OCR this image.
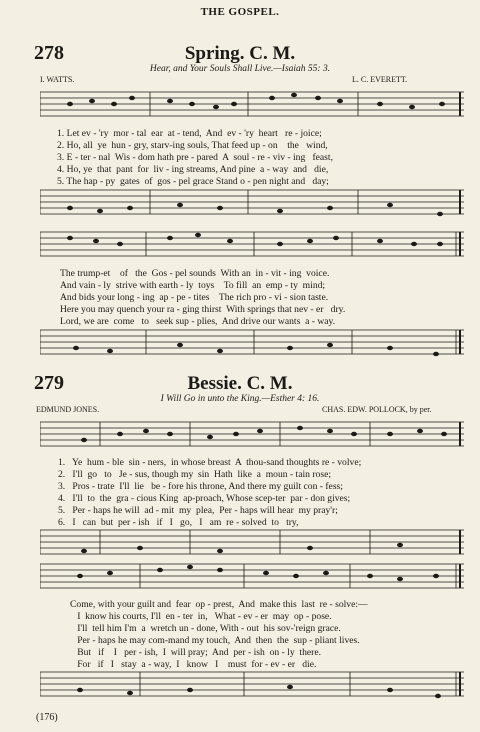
THE GOSPEL.
278	Spring. C. M.
Hear, and Your Souls Shall Live.—Isaiah 55: 3.
I. WATTS.	L. C. EVERETT.
1. Let ev - 'ry  mor - tal  ear  at - tend,  And  ev - 'ry  heart   re - joice;
2. Ho, all  ye  hun - gry, starv-ing souls, That feed up - on    the   wind,
3. E - ter - nal  Wis - dom hath pre - pared  A  soul - re - viv - ing   feast,
4. Ho, ye  that  pant  for  liv - ing streams, And pine  a - way  and   die,
5. The hap - py  gates  of  gos - pel grace Stand o - pen night and   day;
The trump-et    of   the  Gos - pel sounds  With an  in - vit - ing  voice.
And vain - ly  strive with earth - ly  toys    To fill  an  emp - ty  mind;
And bids your long - ing  ap - pe - tites    The rich pro - vi - sion taste.
Here you may quench your ra - ging thirst  With springs that nev - er   dry.
Lord, we are  come   to   seek sup - plies,  And drive our wants  a - way.
279	Bessie. C. M.
I Will Go in unto the King.—Esther 4: 16.
EDMUND JONES.	CHAS. EDW. POLLOCK, by per.
1.   Ye  hum - ble  sin - ners,  in whose breast  A  thou-sand thoughts re - volve;
2.   I'll  go   to   Je - sus, though my  sin  Hath  like  a  moun - tain rose;
3.   Pros - trate  I'll  lie   be - fore his throne, And there my guilt con - fess;
4.   I'll  to  the  gra - cious King  ap-proach, Whose scep-ter  par - don gives;
5.   Per - haps he will  ad - mit  my  plea,  Per - haps will hear  my pray'r;
6.   I   can  but  per - ish   if   I   go,   I   am  re - solved  to   try,
Come, with your guilt and  fear  op - prest,  And  make this  last  re - solve:—
I  know his courts, I'll  en - ter  in,   What - ev - er  may  op - pose.
I'll  tell him I'm  a  wretch un - done, With - out  his sov-'reign grace.
Per - haps he may com-mand my touch,  And  then  the  sup - pliant lives.
But   if    I   per - ish,  I  will pray;  And  per - ish  on - ly  there.
For   if   I   stay  a - way,  I   know   I    must  for - ev - er   die.
(176)
